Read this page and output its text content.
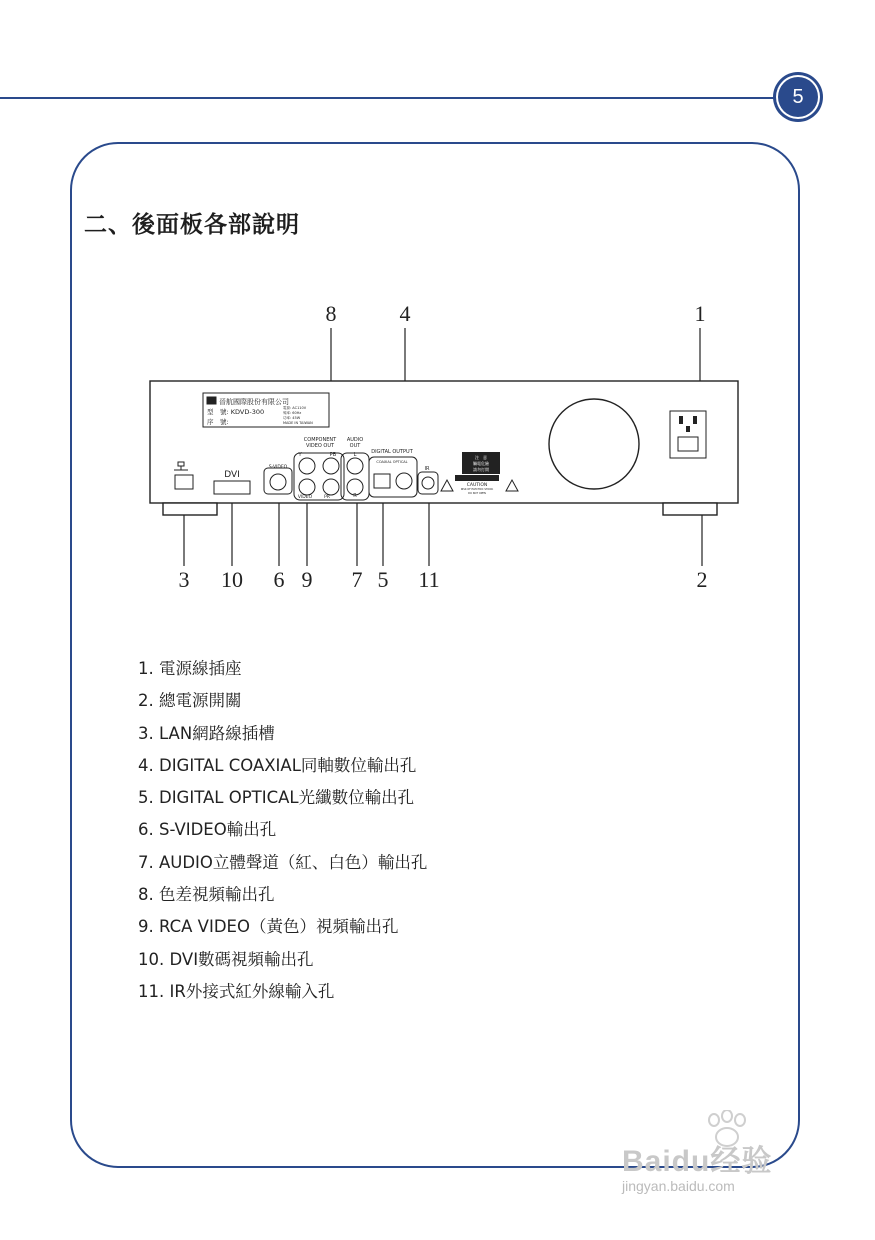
5
二、後面板各部說明
8	4	1
3 10 6 9 7 5 11	2
晉航國際股份有限公司
型　號: KDVD-300
序　號:
電源: AC110V
頻率: 60Hz
功率: 45W
MADE IN TAIWAN
DVI
S-VIDEO
COMPONENT
VIDEO OUT
Y	PB
PR
VIDEO
AUDIO
OUT
L
R
DIGITAL OUTPUT
COAXIAL OPTICAL
IR
CAUTION
RISK OF ELECTRIC SHOCK
DO NOT OPEN
注　意
觸電危險
請勿打開
1. 電源線插座
2. 總電源開關
3. LAN網路線插槽
4. DIGITAL COAXIAL同軸數位輸出孔
5. DIGITAL OPTICAL光纖數位輸出孔
6. S-VIDEO輸出孔
7. AUDIO立體聲道（紅、白色）輸出孔
8. 色差視頻輸出孔
9. RCA VIDEO（黃色）視頻輸出孔
10. DVI數碼視頻輸出孔
11. IR外接式紅外線輸入孔
Baidu经验
jingyan.baidu.com
